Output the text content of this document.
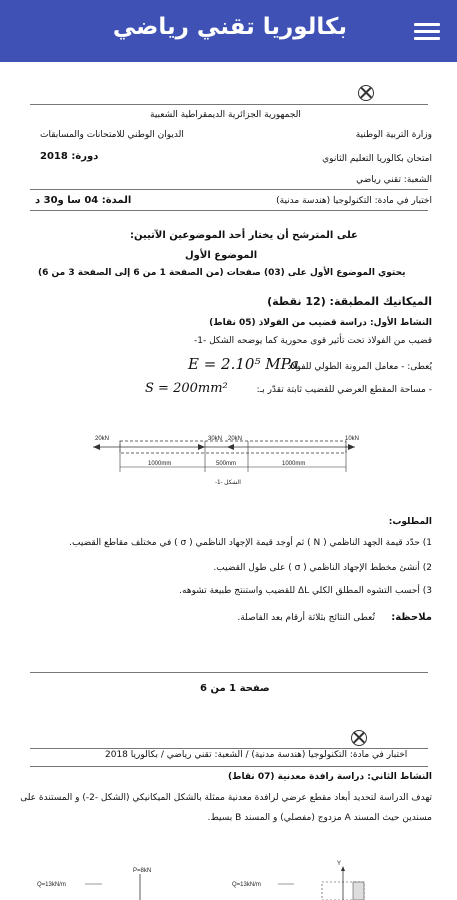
بكالوريا تقني رياضي
الجمهورية الجزائرية الديمقراطية الشعبية
وزارة التربية الوطنية
الديوان الوطني للامتحانات والمسابقات
امتحان بكالوريا التعليم الثانوي
دورة: 2018
الشعبة: تقني رياضي
اختبار في مادة: التكنولوجيا (هندسة مدنية)
المدة: 04 سا و30 د
على المترشح أن يختار أحد الموضوعين الآتيين:
الموضوع الأول
يحتوي الموضوع الأول على (03) صفحات (من الصفحة 1 من 6 إلى الصفحة 3 من 6)
الميكانيك المطبقة: (12 نقطة)
النشاط الأول: دراسة قضيب من الفولاذ (05 نقاط)
قضيب من الفولاذ تحت تأثير قوى محورية كما يوضحه الشكل -1-
يُعطى: - معامل المرونة الطولي للفولاذ
E = 2.10⁵ MPa
- مساحة المقطع العرضي للقضيب ثابتة تقدّر بـ:
S = 200mm²
20kN	30kN 20kN	10kN
1000mm	500mm	1000mm
الشكل -1-
المطلوب:
1) حدّد قيمة الجهد الناظمي ( N ) ثم أوجد قيمة الإجهاد الناظمي ( σ ) في مختلف مقاطع القضيب.
2) أنشئ مخطط الإجهاد الناظمي ( σ ) على طول القضيب.
3) أحسب التشوه المطلق الكلي ΔL للقضيب واستنتج طبيعة تشوهه.
ملاحظة:
تُعطى النتائج بثلاثة أرقام بعد الفاصلة.
صفحة 1 من 6
اختبار في مادة: التكنولوجيا (هندسة مدنية) / الشعبة: تقني رياضي / بكالوريا 2018
النشاط الثاني: دراسة رافدة معدنية (07 نقاط)
تهدف الدراسة لتحديد أبعاد مقطع عرضي لرافدة معدنية ممثلة بالشكل الميكانيكي (الشكل -2-) و المستندة على
مسندين حيث المسند A مزدوج (مفصلي) و المسند B بسيط.
Q=13kN/m
P=8kN
Q=13kN/m
Y
